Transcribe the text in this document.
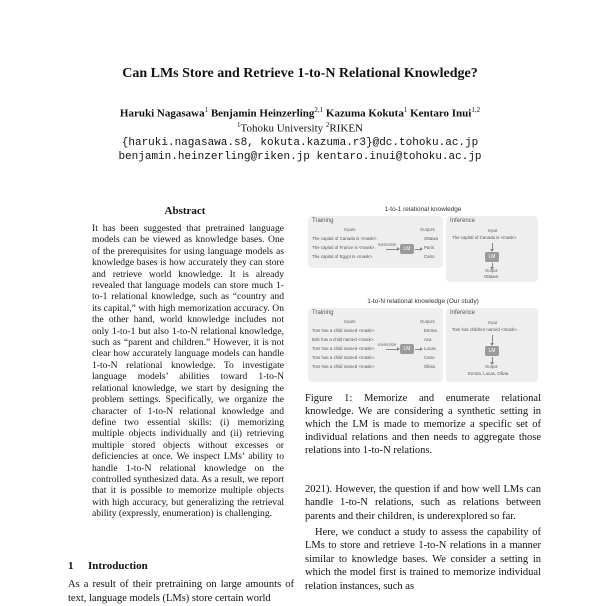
Can LMs Store and Retrieve 1-to-N Relational Knowledge?
Haruki Nagasawa$^1$ Benjamin Heinzerling$^{2,1}$ Kazuma Kokuta$^1$ Kentaro Inui$^{1,2}$
$^1$Tohoku University $^2$RIKEN
{haruki.nagasawa.s8, kokuta.kazuma.r3}@dc.tohoku.ac.jp
benjamin.heinzerling@riken.jp kentaro.inui@tohoku.ac.jp
Abstract

It has been suggested that pretrained language models can be viewed as knowledge bases. One of the prerequisites for using language models as knowledge bases is how accurately they can store and retrieve world knowledge. It is already revealed that language models can store much 1-to-1 relational knowledge, such as “country and its capital,” with high memorization accuracy. On the other hand, world knowledge includes not only 1-to-1 but also 1-to-N relational knowledge, such as “parent and children.” However, it is not clear how accurately language models can handle 1-to-N relational knowledge. To investigate language models’ abilities toward 1-to-N relational knowledge, we start by designing the problem settings. Specifically, we organize the character of 1-to-N relational knowledge and define two essential skills: (i) memorizing multiple objects individually and (ii) retrieving multiple stored objects without excesses or deficiencies at once. We inspect LMs’ ability to handle 1-to-N relational knowledge on the controlled synthesized data. As a result, we report that it is possible to memorize multiple objects with high accuracy, but generalizing the retrieval ability (expressly, enumeration) is challenging.

1 Introduction

As a result of their pretraining on large amounts of text, language models (LMs) store certain world

1-to-1 relational knowledge
Training
Inputs	Outputs
The capital of Canada is <mask>.
The capital of France is <mask>.
The capital of Egypt is <mask>.
memorize
LM
Ottawa
Paris
Cairo
Inference
Input
The capital of Canada is <mask>.
LM
Output
Ottawa
1-to-N relational knowledge (Our study)
Training
Inputs	Outputs
Tom has a child named <mask>.
Bob has a child named <mask>.
Tom has a child named <mask>.
Tom has a child named <mask>.
Tom has a child named <mask>.
memorize
LM
Emma
Ava
Lucas
Cairo
Olivia
Inference
Input
Tom has children named <mask>.
LM
Output
Emma, Lucas, Olivia

Figure 1: Memorize and enumerate relational knowledge. We are considering a synthetic setting in which the LM is made to memorize a specific set of individual relations and then needs to aggregate those relations into 1-to-N relations.

2021). However, the question if and how well LMs can handle 1-to-N relations, such as relations between parents and their children, is underexplored so far.

Here, we conduct a study to assess the capability of LMs to store and retrieve 1-to-N relations in a manner similar to knowledge bases. We consider a setting in which the model first is trained to memorize individual relation instances, such as
